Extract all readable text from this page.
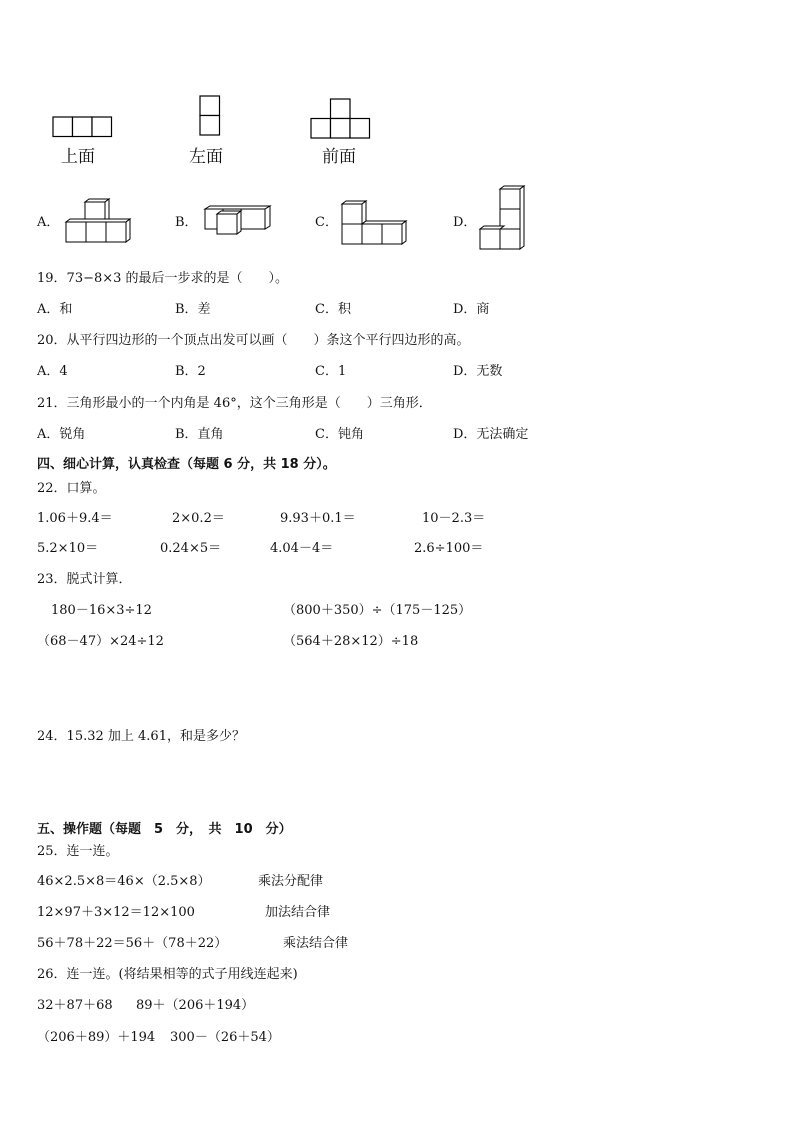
上面	左面	前面
A．	B．	C．	D．
19．73−8×3 的最后一步求的是（　　）。
A．和	B．差	C．积	D．商
20．从平行四边形的一个顶点出发可以画（　　）条这个平行四边形的高。
A．4	B．2	C．1	D．无数
21．三角形最小的一个内角是 46°，这个三角形是（　　）三角形．
A．锐角	B．直角	C．钝角	D．无法确定
四、细心计算，认真检查（每题 6 分，共 18 分）。
22．口算。
1.06＋9.4＝	2×0.2＝	9.93＋0.1＝	10－2.3＝
5.2×10＝	0.24×5＝	4.04－4＝	2.6÷100＝
23．脱式计算．
180－16×3÷12	（800＋350）÷（175－125）
（68－47）×24÷12	（564＋28×12）÷18
24．15.32 加上 4.61，和是多少？
五、操作题（每题　5　分，　共　10　分）
25．连一连。
46×2.5×8＝46×（2.5×8）	乘法分配律
12×97＋3×12＝12×100	加法结合律
56＋78＋22＝56＋（78＋22）	乘法结合律
26．连一连。(将结果相等的式子用线连起来)
32＋87＋68 89＋（206＋194）
（206＋89）＋194 300－（26＋54）
